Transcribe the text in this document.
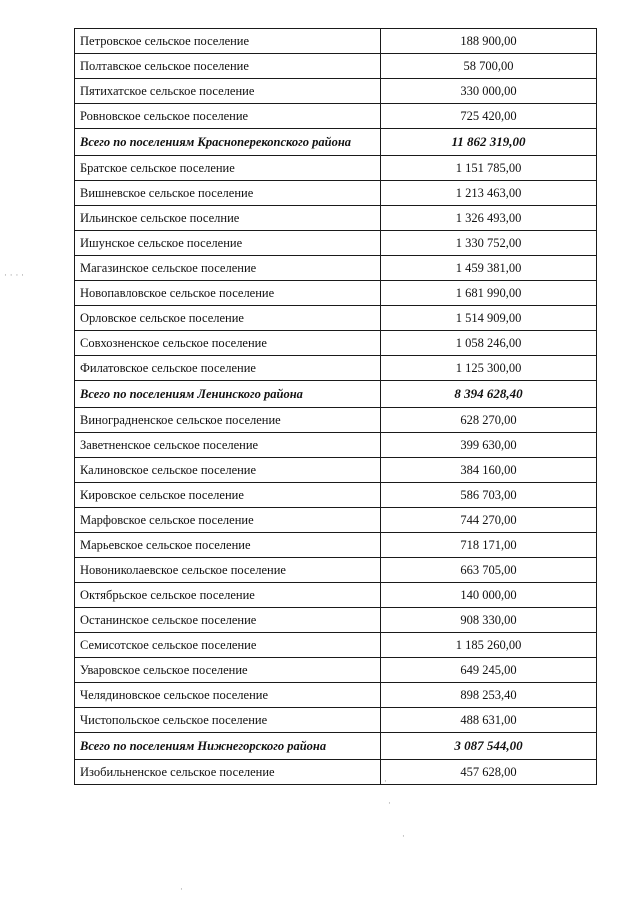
Петровское сельское поселение	188 900,00
Полтавское сельское поселение	58 700,00
Пятихатское сельское поселение	330 000,00
Ровновское сельское поселение	725 420,00
Всего по поселениям Красноперекопского района	11 862 319,00
Братское сельское поселение	1 151 785,00
Вишневское сельское поселение	1 213 463,00
Ильинское сельское поселние	1 326 493,00
Ишунское сельское поселение	1 330 752,00
Магазинское сельское поселение	1 459 381,00
Новопавловское сельское поселение	1 681 990,00
Орловское сельское поселение	1 514 909,00
Совхозненское сельское поселение	1 058 246,00
Филатовское сельское поселение	1 125 300,00
Всего по поселениям Ленинского района	8 394 628,40
Виноградненское сельское поселение	628 270,00
Заветненское сельское поселение	399 630,00
Калиновское сельское поселение	384 160,00
Кировское сельское поселение	586 703,00
Марфовское сельское поселение	744 270,00
Марьевское сельское поселение	718 171,00
Новониколаевское сельское поселение	663 705,00
Октябрьское сельское поселение	140 000,00
Останинское сельское поселение	908 330,00
Семисотское сельское поселение	1 185 260,00
Уваровское сельское поселение	649 245,00
Челядиновское сельское поселение	898 253,40
Чистопольское сельское поселение	488 631,00
Всего по поселениям Нижнегорского района	3 087 544,00
Изобильненское сельское поселение	457 628,00
· · · ·
·
·
·
·
